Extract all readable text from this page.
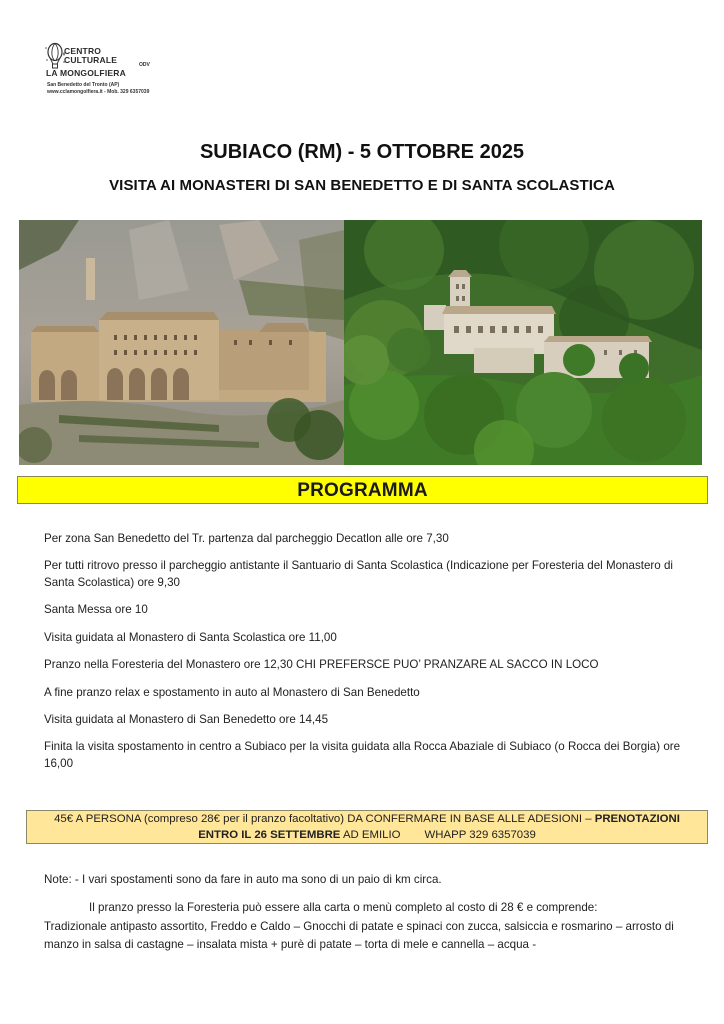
CENTRO
CULTURALE	ODV
LA MONGOLFIERA
San Benedetto del Tronto (AP)
www.cclamongolfiera.it - Mob. 329 6357039
SUBIACO (RM) - 5 OTTOBRE 2025
VISITA AI MONASTERI DI SAN BENEDETTO E DI SANTA SCOLASTICA
PROGRAMMA
Per zona San Benedetto del Tr. partenza dal parcheggio Decatlon alle ore 7,30
Per tutti ritrovo presso il parcheggio antistante il Santuario di Santa Scolastica (Indicazione per Foresteria del Monastero di Santa Scolastica) ore 9,30
Santa Messa ore 10
Visita guidata al Monastero di Santa Scolastica ore 11,00
Pranzo nella Foresteria del Monastero ore 12,30 CHI PREFERSCE PUO’ PRANZARE AL SACCO IN LOCO
A fine pranzo relax e spostamento in auto al Monastero di San Benedetto
Visita guidata al Monastero di San Benedetto ore 14,45
Finita la visita spostamento in centro a Subiaco per la visita guidata alla Rocca Abaziale di Subiaco (o Rocca dei Borgia) ore 16,00
45€ A PERSONA (compreso 28€ per il pranzo facoltativo) DA CONFERMARE IN BASE ALLE ADESIONI – PRENOTAZIONI
ENTRO IL 26 SETTEMBRE AD EMILIO WHAPP 329 6357039
Note: - I vari spostamenti sono da fare in auto ma sono di un paio di km circa.
Il pranzo presso la Foresteria può essere alla carta o menù completo al costo di 28 € e comprende:
Tradizionale antipasto assortito, Freddo e Caldo – Gnocchi di patate e spinaci con zucca, salsiccia e rosmarino – arrosto di manzo in salsa di castagne – insalata mista + purè di patate – torta di mele e cannella – acqua -
